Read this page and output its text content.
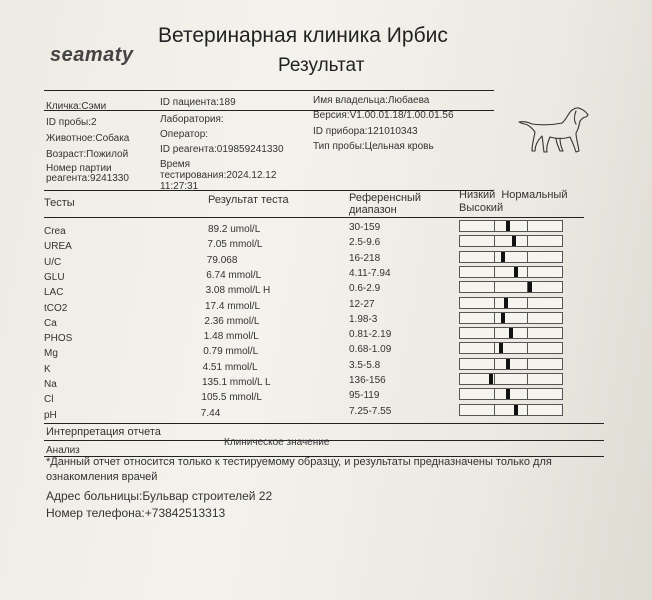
seamaty
Ветеринарная клиника Ирбис
Результат
Кличка:Сэми	ID пациента:189	Имя владельца:Любаева
ID пробы:2	Лаборатория:	Версия:V1.00.01.18/1.00.01.56
Животное:Собака	Оператор:	ID прибора:121010343
Возраст:Пожилой	ID реагента:019859241330	Тип пробы:Цельная кровь
Номер партии
реагента:9241330
Время
тестирования:2024.12.12
11:27:31
Тесты	Результат теста	Референсный
диапазон
Низкий  Нормальный
Высокий
Crea	89.2 umol/L	30-159
UREA	7.05 mmol/L	2.5-9.6
U/C	79.068	16-218
GLU	6.74 mmol/L	4.11-7.94
LAC	3.08 mmol/L H	0.6-2.9
tCO2	17.4 mmol/L	12-27
Ca	2.36 mmol/L	1.98-3
PHOS	1.48 mmol/L	0.81-2.19
Mg	0.79 mmol/L	0.68-1.09
K	4.51 mmol/L	3.5-5.8
Na	135.1 mmol/L L	136-156
Cl	105.5 mmol/L	95-119
pH	7.44	7.25-7.55
Интерпретация отчета
Анализ
Клиническое значение
*Данный отчет относится только к тестируемому образцу, и результаты предназначены только для
ознакомления врачей
Адрес больницы:Бульвар строителей 22
Номер телефона:+73842513313
